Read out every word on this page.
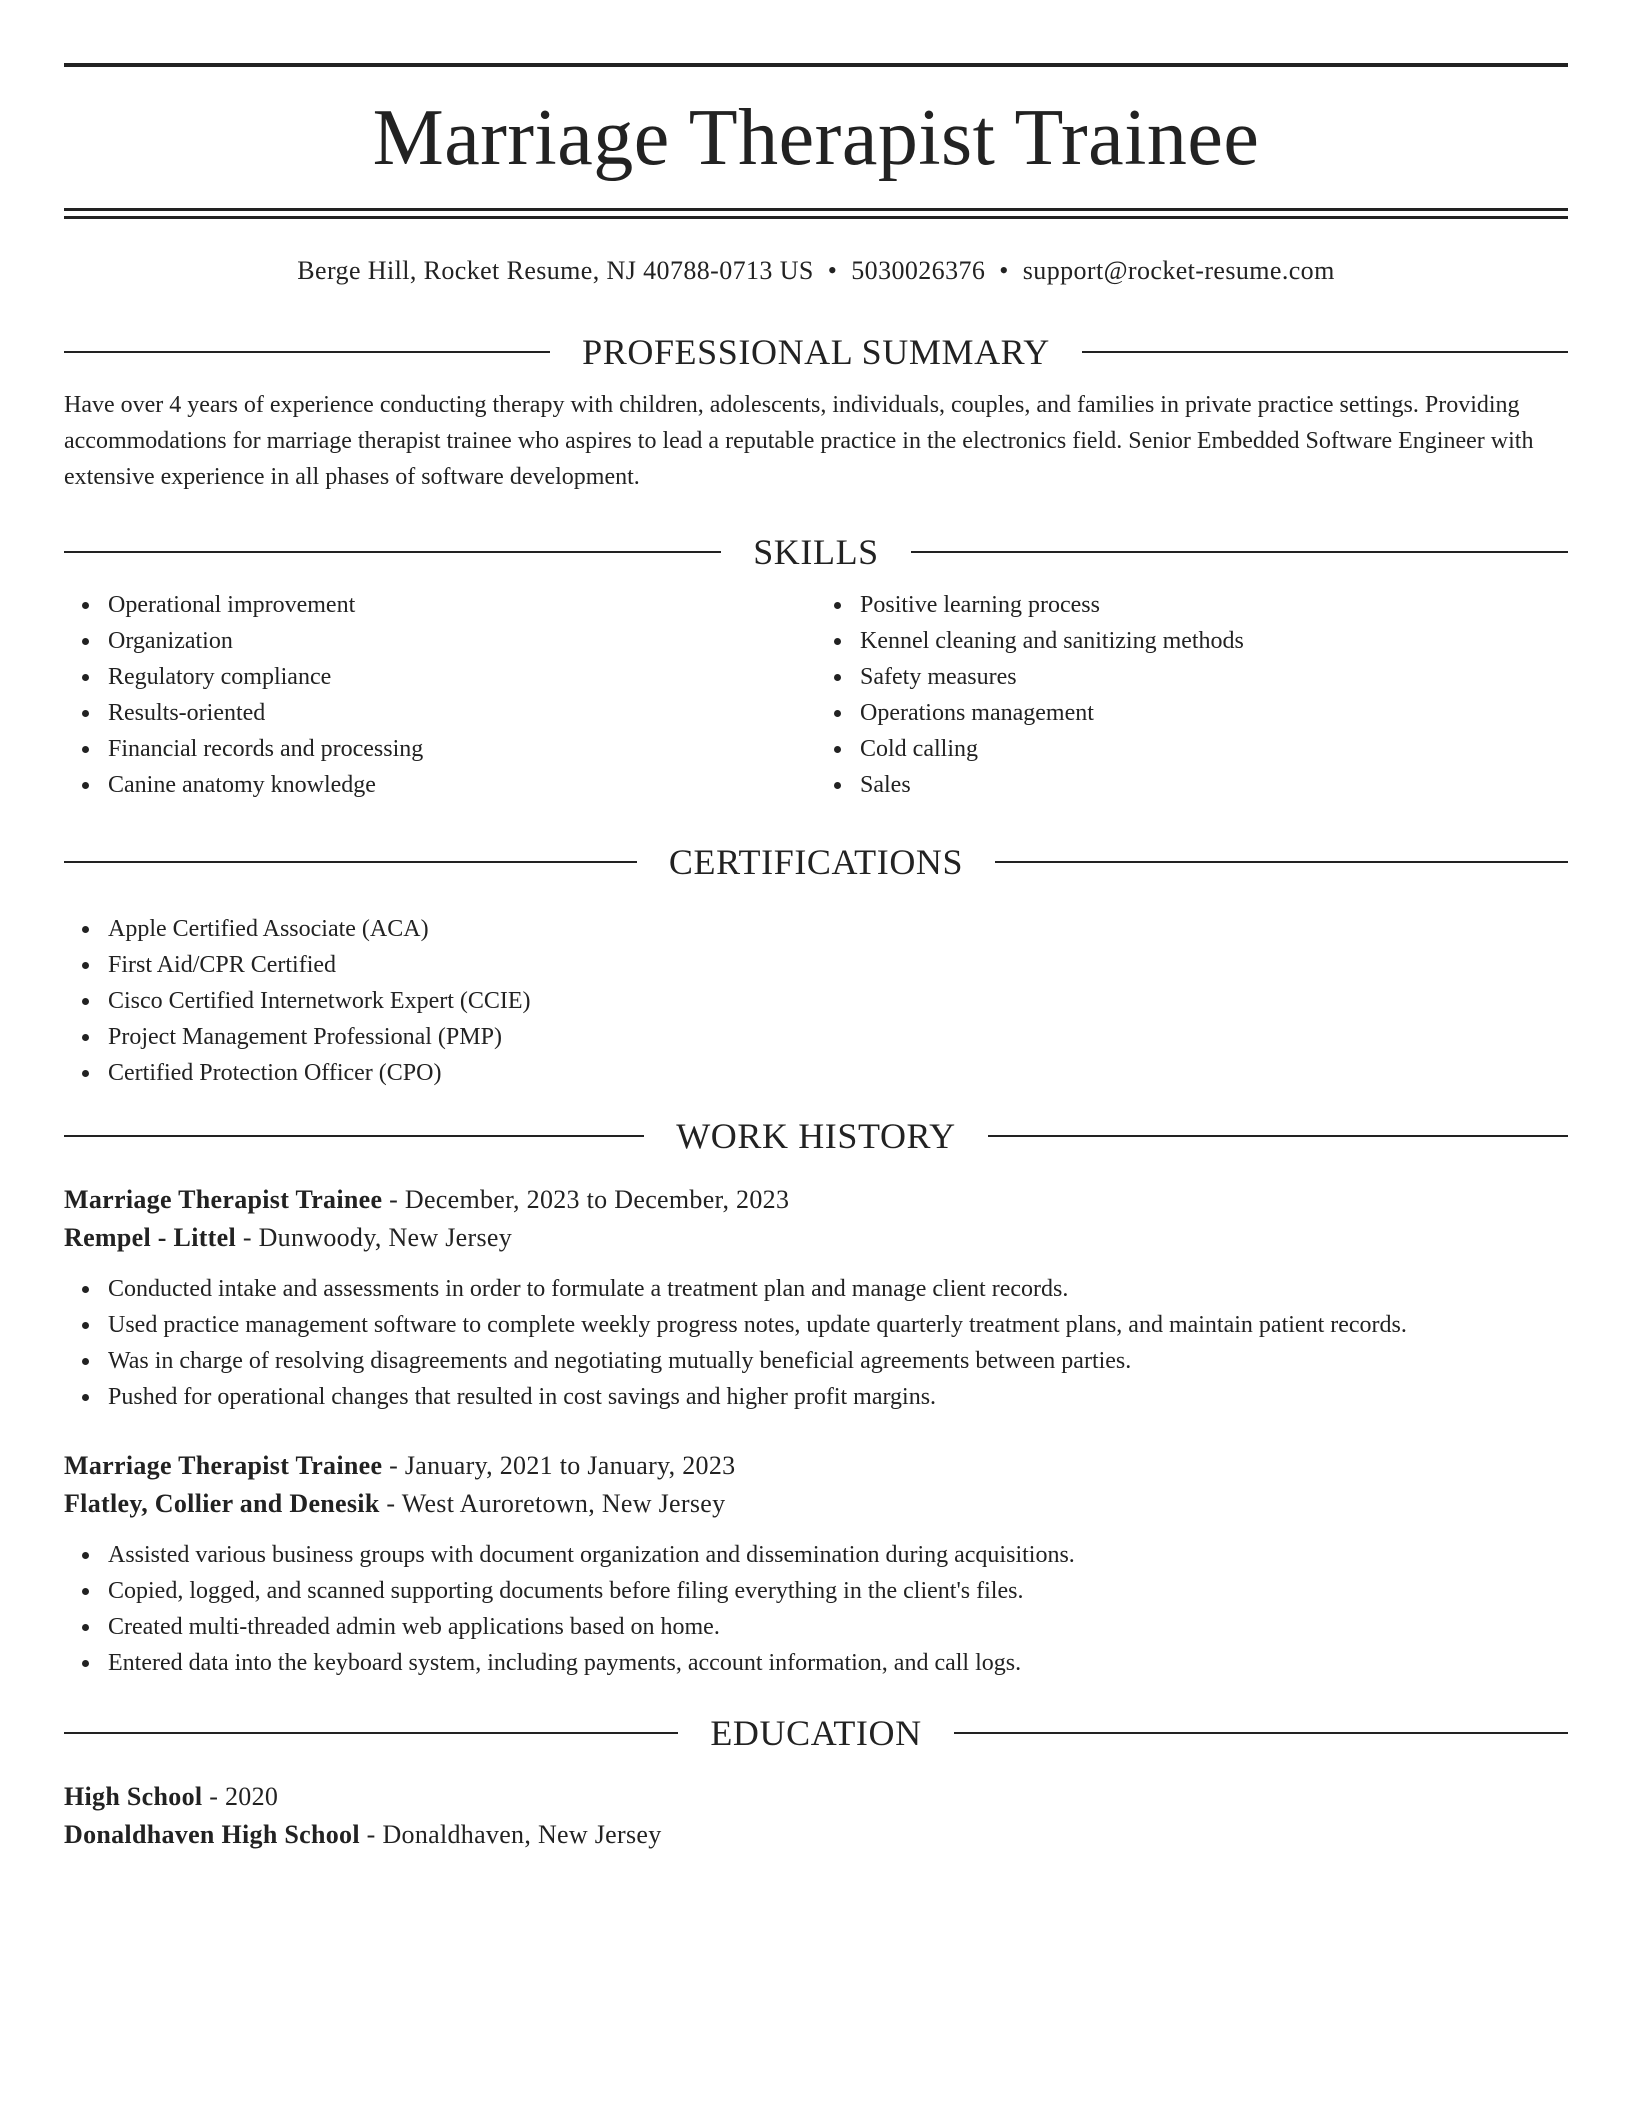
Marriage Therapist Trainee
Berge Hill, Rocket Resume, NJ 40788-0713 US • 5030026376 • support@rocket-resume.com
PROFESSIONAL SUMMARY

Have over 4 years of experience conducting therapy with children, adolescents, individuals, couples, and families in private practice settings. Providing accommodations for marriage therapist trainee who aspires to lead a reputable practice in the electronics field. Senior Embedded Software Engineer with extensive experience in all phases of software development.

SKILLS
Operational improvement
Organization
Regulatory compliance
Results-oriented
Financial records and processing
Canine anatomy knowledge
Positive learning process
Kennel cleaning and sanitizing methods
Safety measures
Operations management
Cold calling
Sales
CERTIFICATIONS
Apple Certified Associate (ACA)
First Aid/CPR Certified
Cisco Certified Internetwork Expert (CCIE)
Project Management Professional (PMP)
Certified Protection Officer (CPO)
WORK HISTORY
Marriage Therapist Trainee - December, 2023 to December, 2023
Rempel - Littel - Dunwoody, New Jersey
Conducted intake and assessments in order to formulate a treatment plan and manage client records.
Used practice management software to complete weekly progress notes, update quarterly treatment plans, and maintain patient records.
Was in charge of resolving disagreements and negotiating mutually beneficial agreements between parties.
Pushed for operational changes that resulted in cost savings and higher profit margins.
Marriage Therapist Trainee - January, 2021 to January, 2023
Flatley, Collier and Denesik - West Auroretown, New Jersey
Assisted various business groups with document organization and dissemination during acquisitions.
Copied, logged, and scanned supporting documents before filing everything in the client's files.
Created multi-threaded admin web applications based on home.
Entered data into the keyboard system, including payments, account information, and call logs.
EDUCATION
High School - 2020
Donaldhaven High School - Donaldhaven, New Jersey
